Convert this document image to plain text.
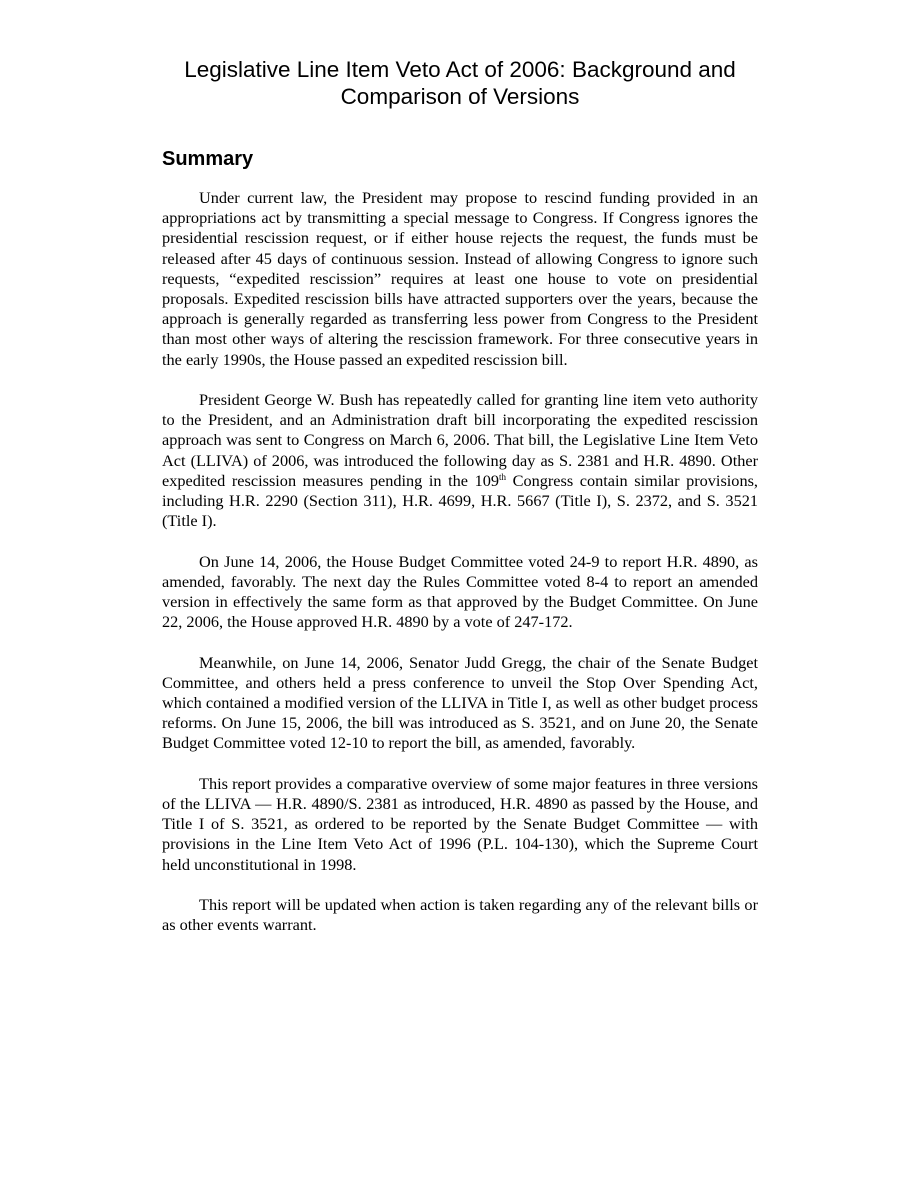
Legislative Line Item Veto Act of 2006: Background and Comparison of Versions
Summary

Under current law, the President may propose to rescind funding provided in an appropriations act by transmitting a special message to Congress. If Congress ignores the presidential rescission request, or if either house rejects the request, the funds must be released after 45 days of continuous session. Instead of allowing Congress to ignore such requests, “expedited rescission” requires at least one house to vote on presidential proposals. Expedited rescission bills have attracted supporters over the years, because the approach is generally regarded as transferring less power from Congress to the President than most other ways of altering the rescission framework. For three consecutive years in the early 1990s, the House passed an expedited rescission bill.

President George W. Bush has repeatedly called for granting line item veto authority to the President, and an Administration draft bill incorporating the expedited rescission approach was sent to Congress on March 6, 2006. That bill, the Legislative Line Item Veto Act (LLIVA) of 2006, was introduced the following day as S. 2381 and H.R. 4890. Other expedited rescission measures pending in the 109th Congress contain similar provisions, including H.R. 2290 (Section 311), H.R. 4699, H.R. 5667 (Title I), S. 2372, and S. 3521 (Title I).

On June 14, 2006, the House Budget Committee voted 24-9 to report H.R. 4890, as amended, favorably. The next day the Rules Committee voted 8-4 to report an amended version in effectively the same form as that approved by the Budget Committee. On June 22, 2006, the House approved H.R. 4890 by a vote of 247-172.

Meanwhile, on June 14, 2006, Senator Judd Gregg, the chair of the Senate Budget Committee, and others held a press conference to unveil the Stop Over Spending Act, which contained a modified version of the LLIVA in Title I, as well as other budget process reforms. On June 15, 2006, the bill was introduced as S. 3521, and on June 20, the Senate Budget Committee voted 12-10 to report the bill, as amended, favorably.

This report provides a comparative overview of some major features in three versions of the LLIVA — H.R. 4890/S. 2381 as introduced, H.R. 4890 as passed by the House, and Title I of S. 3521, as ordered to be reported by the Senate Budget Committee — with provisions in the Line Item Veto Act of 1996 (P.L. 104-130), which the Supreme Court held unconstitutional in 1998.

This report will be updated when action is taken regarding any of the relevant bills or as other events warrant.
